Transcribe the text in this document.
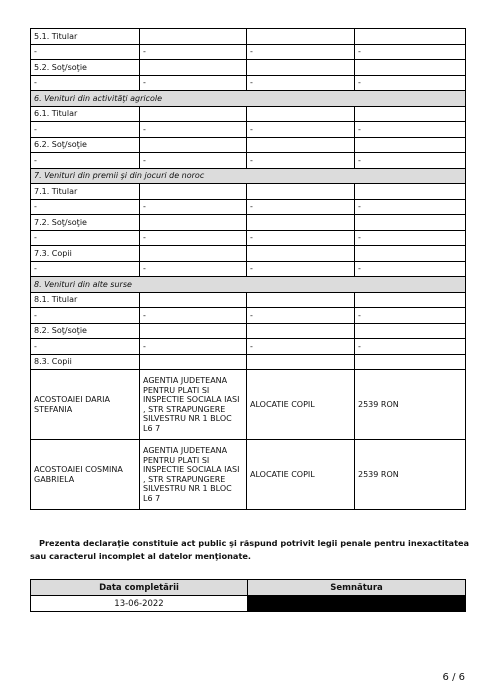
5.1. Titular			
-	-	-	-
5.2. Soţ/soţie			
-	-	-	-
6. Venituri din activităţi agricole			
6.1. Titular			
-	-	-	-
6.2. Soţ/soţie			
-	-	-	-
7. Venituri din premii şi din jocuri de noroc			
7.1. Titular			
-	-	-	-
7.2. Soţ/soţie			
-	-	-	-
7.3. Copii			
-	-	-	-
8. Venituri din alte surse			
8.1. Titular			
-	-	-	-
8.2. Soţ/soţie			
-	-	-	-
8.3. Copii			
ACOSTOAIEI DARIA STEFANIA	AGENTIA JUDETEANA PENTRU PLATI SI INSPECTIE SOCIALA IASI , STR STRAPUNGERE SILVESTRU NR 1 BLOC L6 7	ALOCATIE COPIL	2539 RON
ACOSTOAIEI COSMINA GABRIELA	AGENTIA JUDETEANA PENTRU PLATI SI INSPECTIE SOCIALA IASI , STR STRAPUNGERE SILVESTRU NR 1 BLOC L6 7	ALOCATIE COPIL	2539 RON
Prezenta declaraţie constituie act public şi răspund potrivit legii penale pentru inexactitatea sau caracterul incomplet al datelor menţionate.
Data completării	Semnătura
13-06-2022	
6 / 6
